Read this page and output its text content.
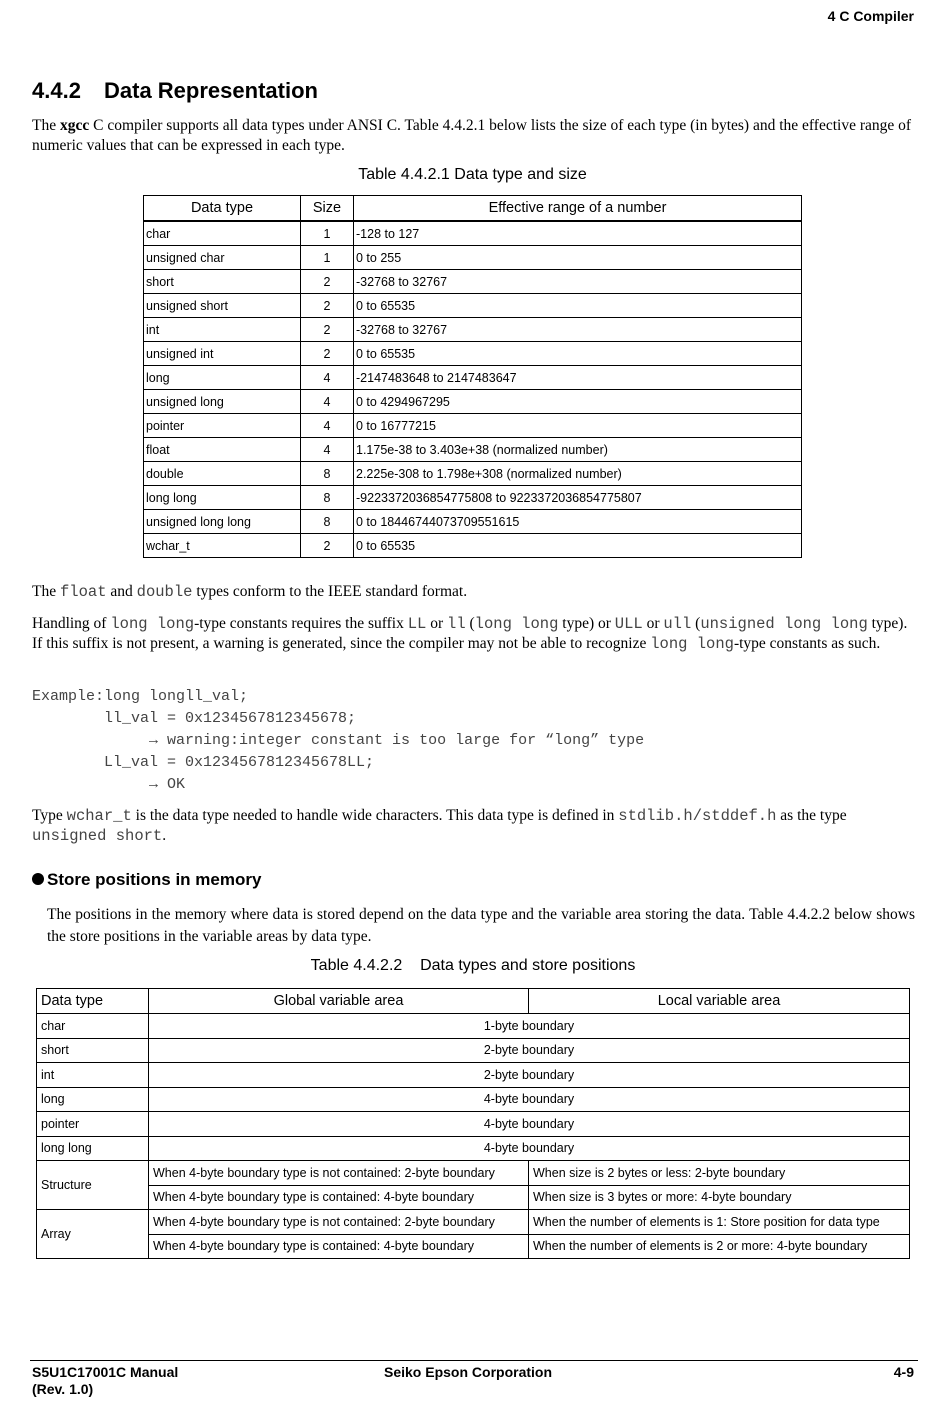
4 C Compiler
4.4.2 Data Representation
The xgcc C compiler supports all data types under ANSI C. Table 4.4.2.1 below lists the size of each type (in bytes) and the effective range of numeric values that can be expressed in each type.
Table 4.4.2.1 Data type and size
Data type	Size	Effective range of a number
char	1	-128 to 127
unsigned char	1	0 to 255
short	2	-32768 to 32767
unsigned short	2	0 to 65535
int	2	-32768 to 32767
unsigned int	2	0 to 65535
long	4	-2147483648 to 2147483647
unsigned long	4	0 to 4294967295
pointer	4	0 to 16777215
float	4	1.175e-38 to 3.403e+38 (normalized number)
double	8	2.225e-308 to 1.798e+308 (normalized number)
long long	8	-9223372036854775808 to 9223372036854775807
unsigned long long	8	0 to 18446744073709551615
wchar_t	2	0 to 65535
The float and double types conform to the IEEE standard format.
Handling of long long-type constants requires the suffix LL or ll (long long type) or ULL or ull (unsigned long long type). If this suffix is not present, a warning is generated, since the compiler may not be able to recognize long long-type constants as such.
Example:long longll_val;
ll_val = 0x1234567812345678;
→ warning:integer constant is too large for “long” type
Ll_val = 0x1234567812345678LL;
→ OK
Type wchar_t is the data type needed to handle wide characters. This data type is defined in stdlib.h/stddef.h as the type unsigned short.
Store positions in memory
The positions in the memory where data is stored depend on the data type and the variable area storing the data. Table 4.4.2.2 below shows the store positions in the variable areas by data type.
Table 4.4.2.2    Data types and store positions
Data type	Global variable area	Local variable area
char	1-byte boundary	
short	2-byte boundary	
int	2-byte boundary	
long	4-byte boundary	
pointer	4-byte boundary	
long long	4-byte boundary	
Structure	When 4-byte boundary type is not contained: 2-byte boundary	When size is 2 bytes or less: 2-byte boundary
	When 4-byte boundary type is contained: 4-byte boundary	When size is 3 bytes or more: 4-byte boundary
Array	When 4-byte boundary type is not contained: 2-byte boundary	When the number of elements is 1: Store position for data type
	When 4-byte boundary type is contained: 4-byte boundary	When the number of elements is 2 or more: 4-byte boundary
S5U1C17001C Manual
(Rev. 1.0)
Seiko Epson Corporation	4-9
